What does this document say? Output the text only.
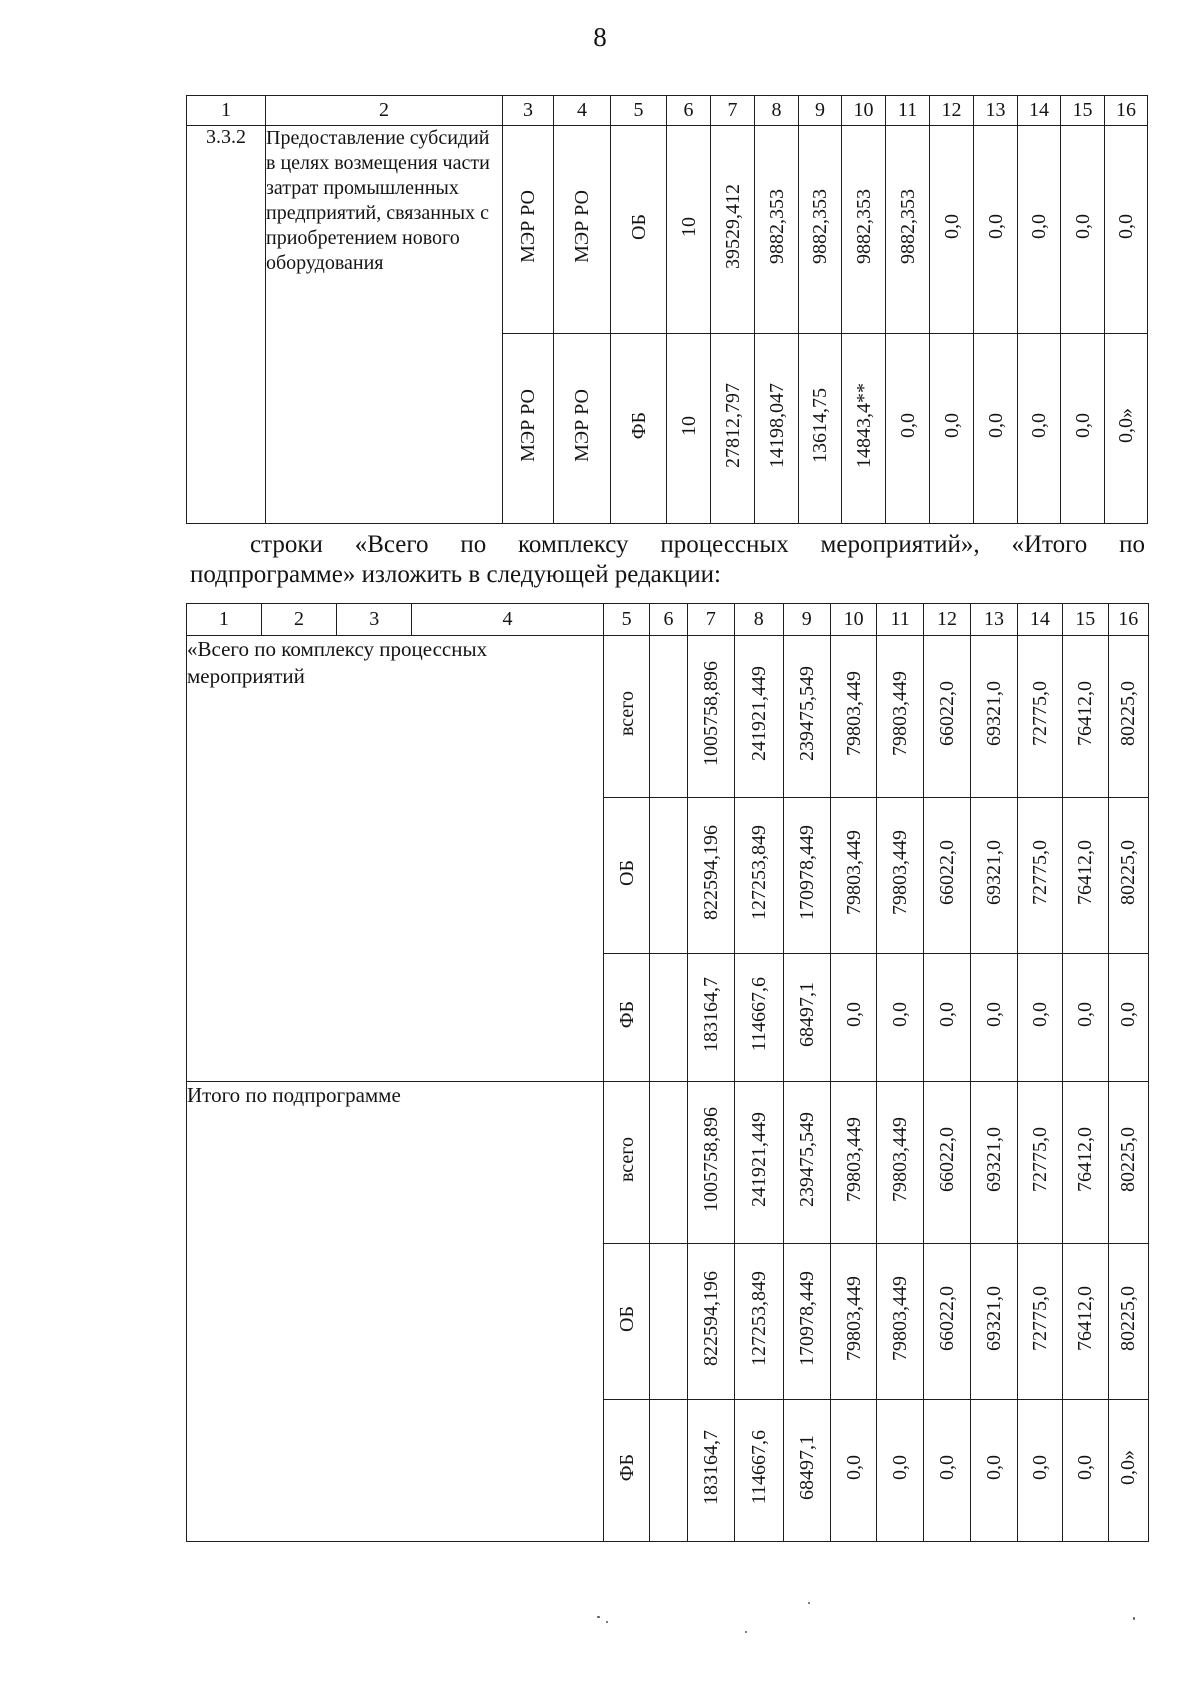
8
1	2	3	4	5	6	7	8	9	10	11	12	13	14	15	16
3.3.2	Предоставление субсидий в целях возмещения части затрат промышленных предприятий, связанных с приобретением нового оборудования	МЭР РО	МЭР РО	ОБ	10	39529,412	9882,353	9882,353	9882,353	9882,353	0,0	0,0	0,0	0,0	0,0
		МЭР РО	МЭР РО	ФБ	10	27812,797	14198,047	13614,75	14843,4**	0,0	0,0	0,0	0,0	0,0	0,0»
строки «Всего по комплексу процессных мероприятий», «Итого по
подпрограмме» изложить в следующей редакции:
1	2	3	4	5	6	7	8	9	10	11	12	13	14	15	16
«Всего по комплексу процессных мероприятий				всего		1005758,896	241921,449	239475,549	79803,449	79803,449	66022,0	69321,0	72775,0	76412,0	80225,0
				ОБ		822594,196	127253,849	170978,449	79803,449	79803,449	66022,0	69321,0	72775,0	76412,0	80225,0
				ФБ		183164,7	114667,6	68497,1	0,0	0,0	0,0	0,0	0,0	0,0	0,0
Итого по подпрограмме				всего		1005758,896	241921,449	239475,549	79803,449	79803,449	66022,0	69321,0	72775,0	76412,0	80225,0
				ОБ		822594,196	127253,849	170978,449	79803,449	79803,449	66022,0	69321,0	72775,0	76412,0	80225,0
				ФБ		183164,7	114667,6	68497,1	0,0	0,0	0,0	0,0	0,0	0,0	0,0»
